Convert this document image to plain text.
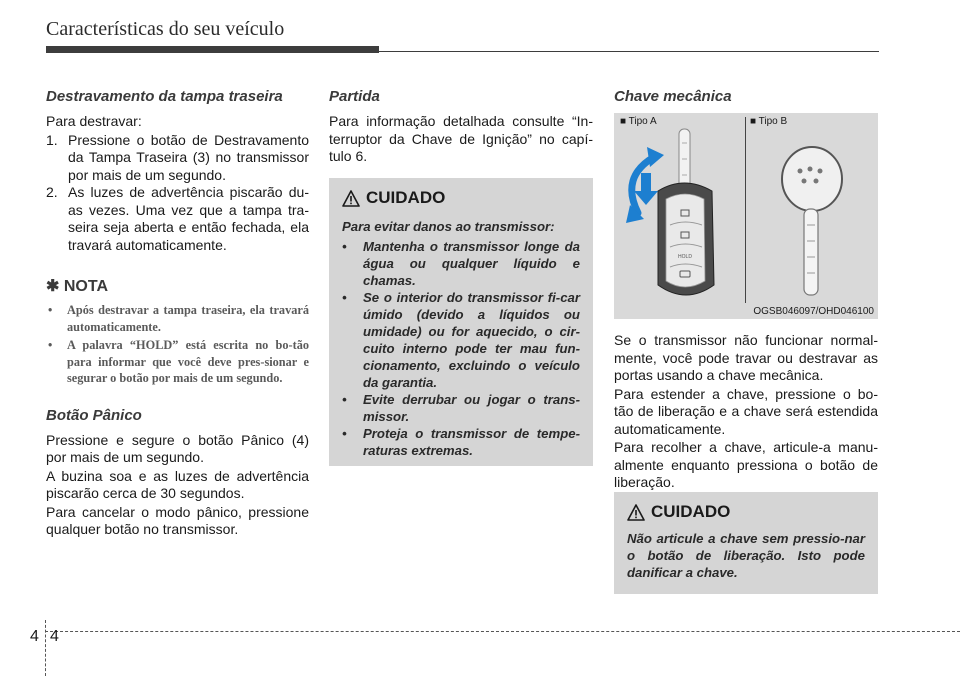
Características do seu veículo
Destravamento da tampa traseira

Para destravar:

1. Pressione o botão de Destravamento da Tampa Traseira (3) no transmissor por mais de um segundo.
2. As luzes de advertência piscarão du-as vezes. Uma vez que a tampa tra-seira seja aberta e então fechada, ela travará automaticamente.
✱ NOTA
• Após destravar a tampa traseira, ela travará automaticamente.
• A palavra “HOLD” está escrita no bo-tão para informar que você deve pres-sionar e segurar o botão por mais de um segundo.
Botão Pânico

Pressione e segure o botão Pânico (4) por mais de um segundo.

A buzina soa e as luzes de advertência piscarão cerca de 30 segundos.

Para cancelar o modo pânico, pressione qualquer botão no transmissor.

Partida
Para informação detalhada consulte “In-terruptor da Chave de Ignição” no capí-tulo 6.
CUIDADO
Para evitar danos ao transmissor:
• Mantenha o transmissor longe da água ou qualquer líquido e chamas.
• Se o interior do transmissor fi-car úmido (devido a líquidos ou umidade) ou for aquecido, o cir-cuito interno pode ter mau fun-cionamento, excluindo o veículo da garantia.
• Evite derrubar ou jogar o trans-missor.
• Proteja o transmissor de tempe-raturas extremas.
Chave mecânica
■ Tipo A	■ Tipo B
HOLD
OGSB046097/OHD046100

Se o transmissor não funcionar normal-mente, você pode travar ou destravar as portas usando a chave mecânica.

Para estender a chave, pressione o bo-tão de liberação e a chave será estendida automaticamente.

Para recolher a chave, articule-a manu-almente enquanto pressiona o botão de liberação.

CUIDADO
Não articule a chave sem pressio-nar o botão de liberação. Isto pode danificar a chave.
4 4
